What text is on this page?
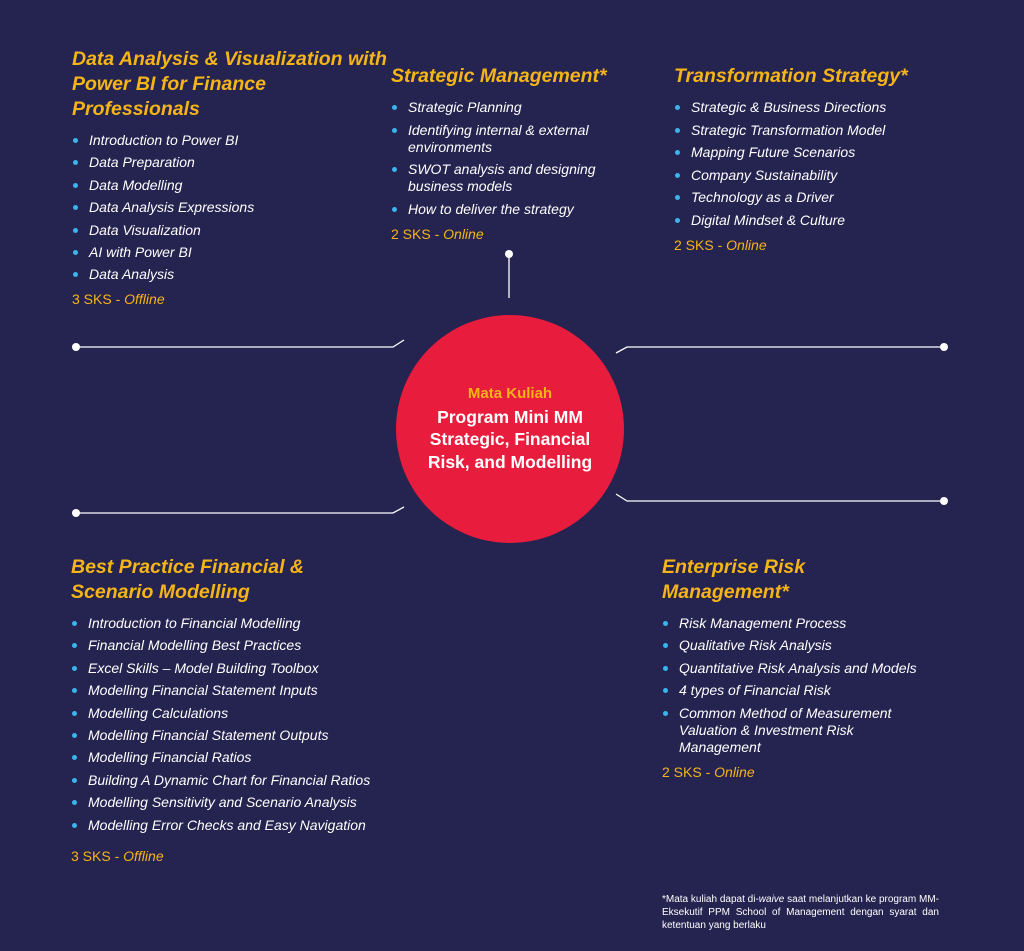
Data Analysis & Visualization with Power BI for Finance Professionals
Introduction to Power BI
Data Preparation
Data Modelling
Data Analysis Expressions
Data Visualization
AI with Power BI
Data Analysis
3 SKS - Offline
Strategic Management*
Strategic Planning
Identifying internal & external environments
SWOT analysis and designing business models
How to deliver the strategy
2 SKS - Online
Transformation Strategy*
Strategic & Business Directions
Strategic Transformation Model
Mapping Future Scenarios
Company Sustainability
Technology as a Driver
Digital Mindset & Culture
2 SKS - Online
Mata Kuliah
Program Mini MM Strategic, Financial Risk, and Modelling
Best Practice Financial & Scenario Modelling
Introduction to Financial Modelling
Financial Modelling Best Practices
Excel Skills – Model Building Toolbox
Modelling Financial Statement Inputs
Modelling Calculations
Modelling Financial Statement Outputs
Modelling Financial Ratios
Building A Dynamic Chart for Financial Ratios
Modelling Sensitivity and Scenario Analysis
Modelling Error Checks and Easy Navigation
3 SKS - Offline
Enterprise Risk Management*
Risk Management Process
Qualitative Risk Analysis
Quantitative Risk Analysis and Models
4 types of Financial Risk
Common Method of Measurement Valuation & Investment Risk Management
2 SKS - Online
*Mata kuliah dapat di-waive saat melanjutkan ke program MM-Eksekutif PPM School of Management dengan syarat dan ketentuan yang berlaku
